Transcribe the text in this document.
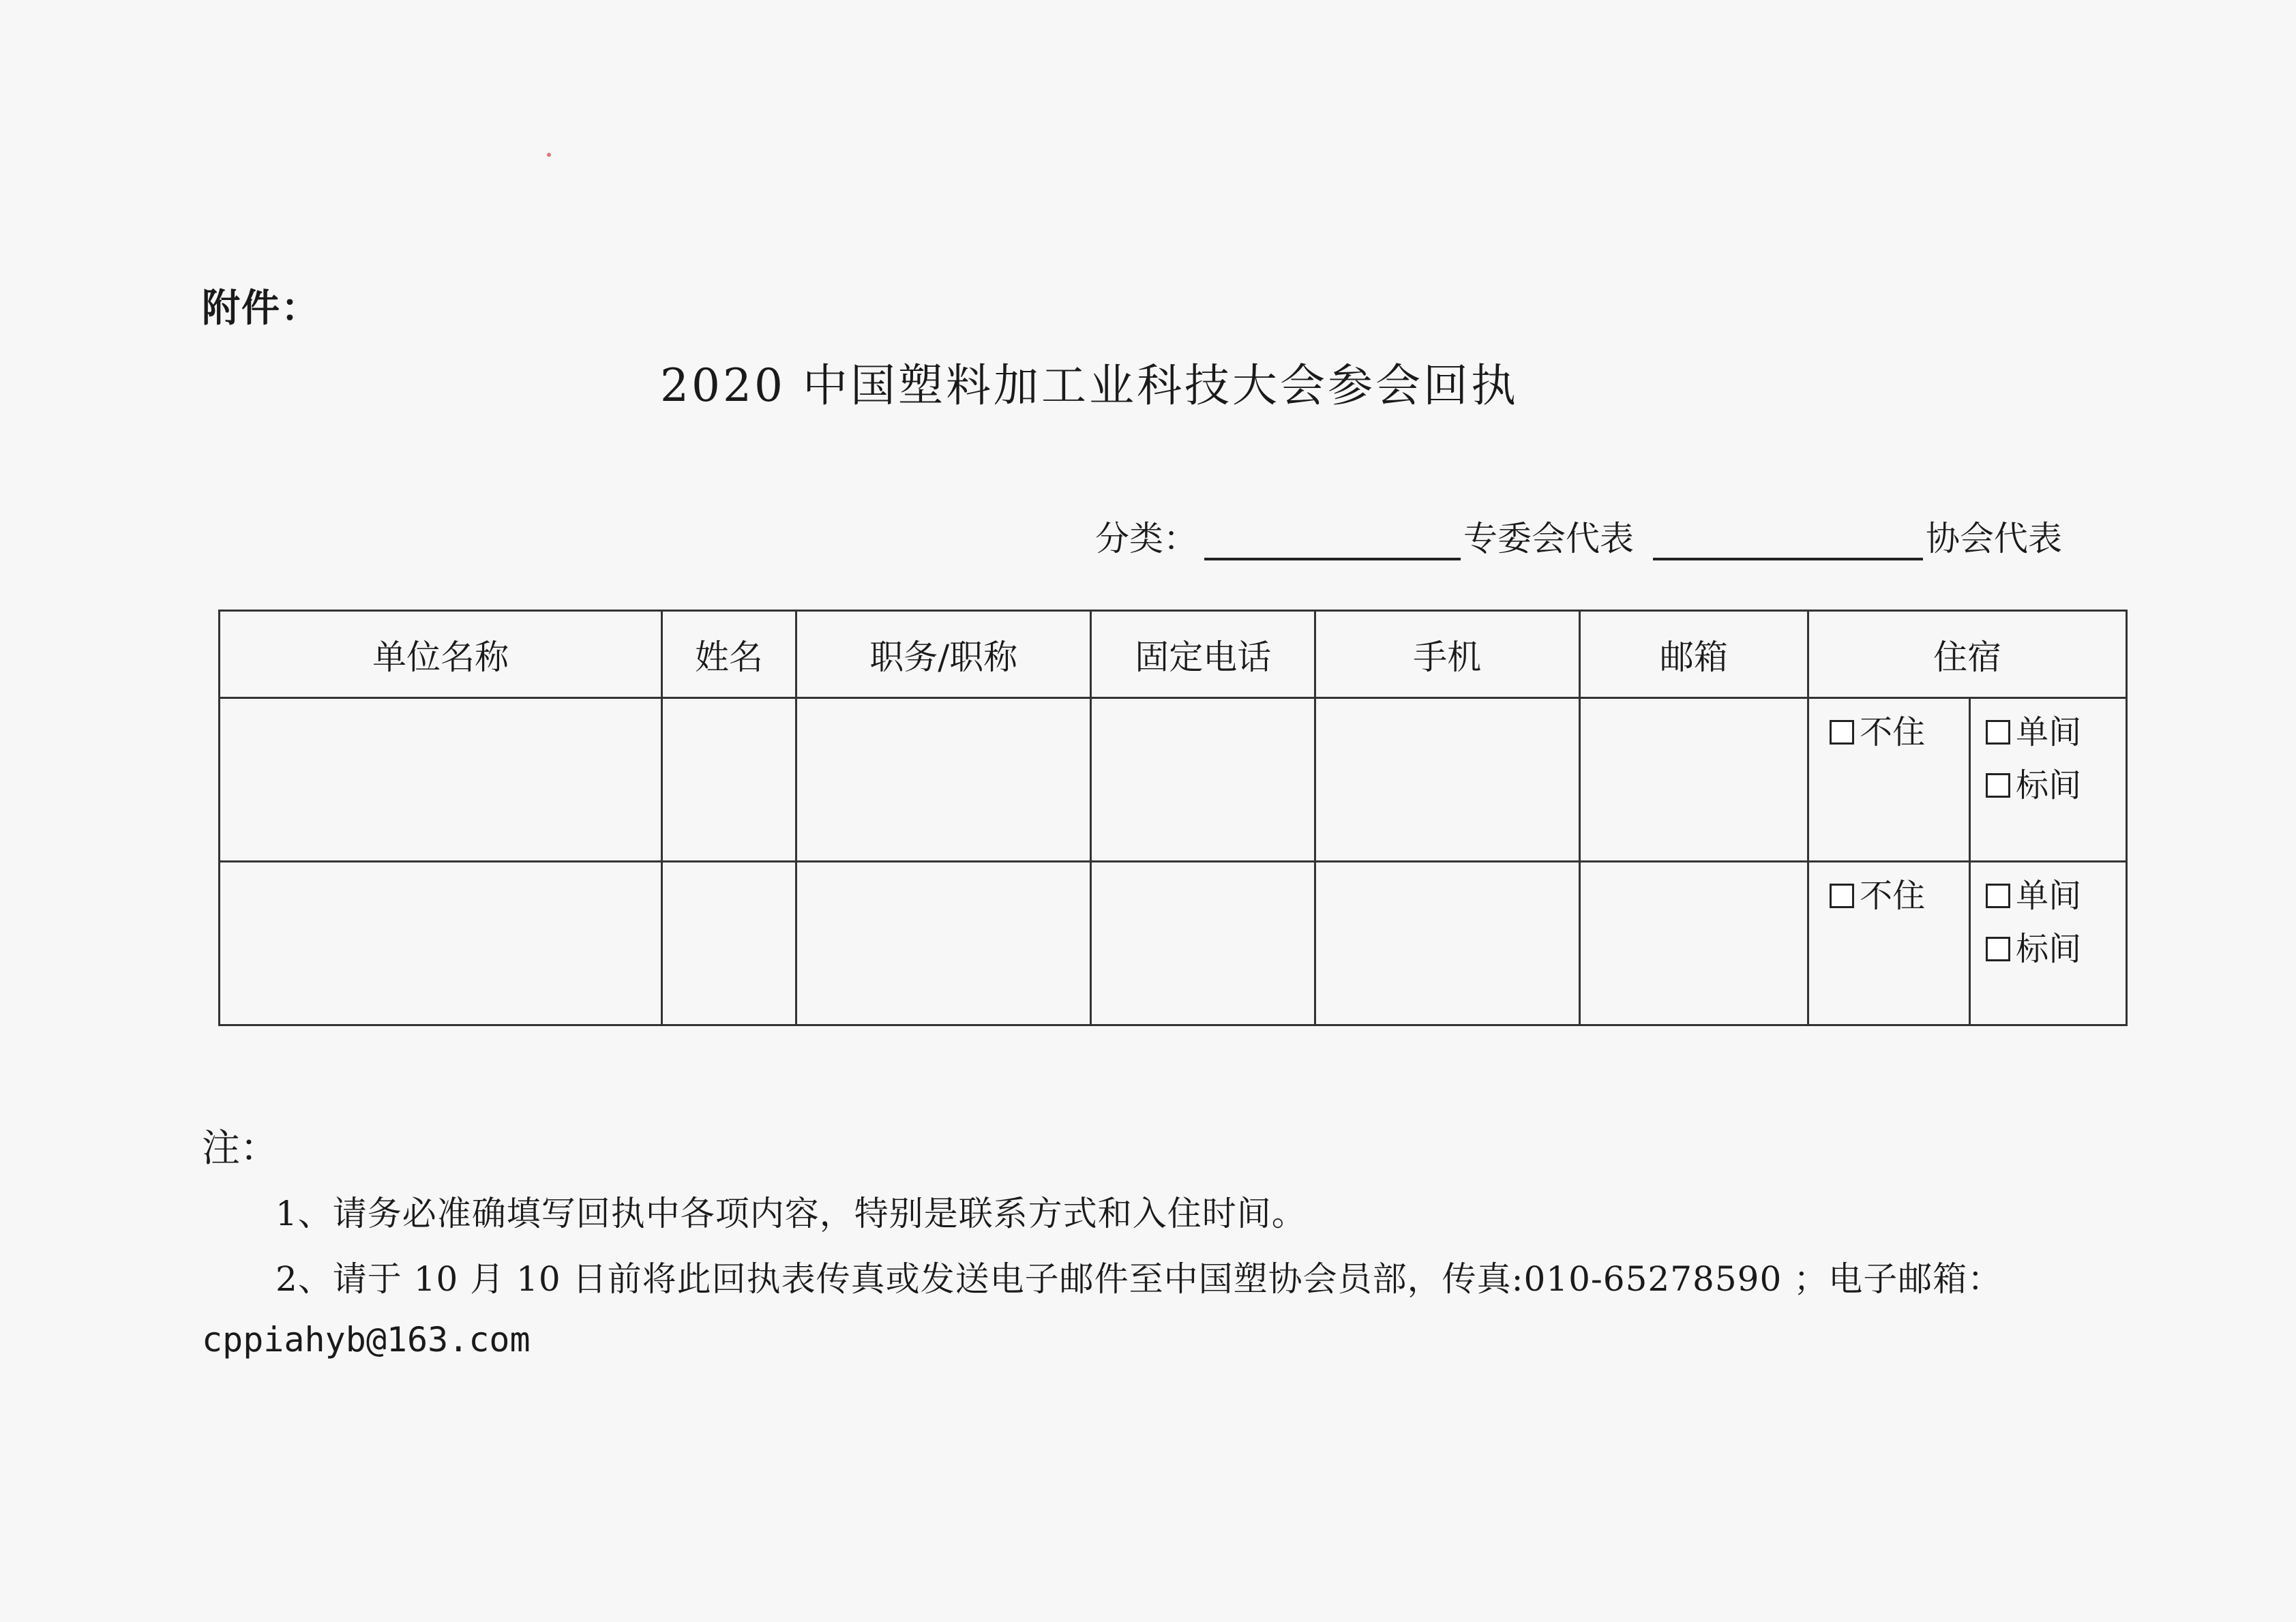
附件：
2020 中国塑料加工业科技大会参会回执
分类：	专委会代表	协会代表
单位名称	姓名	职务/职称	固定电话	手机	邮箱	住宿	

						不住	单间
标间

						不住	单间
标间
注：
1、请务必准确填写回执中各项内容，特别是联系方式和入住时间。
2、请于 10 月 10 日前将此回执表传真或发送电子邮件至中国塑协会员部，传真:010-65278590 ；电子邮箱：
cppiahyb@163.com
